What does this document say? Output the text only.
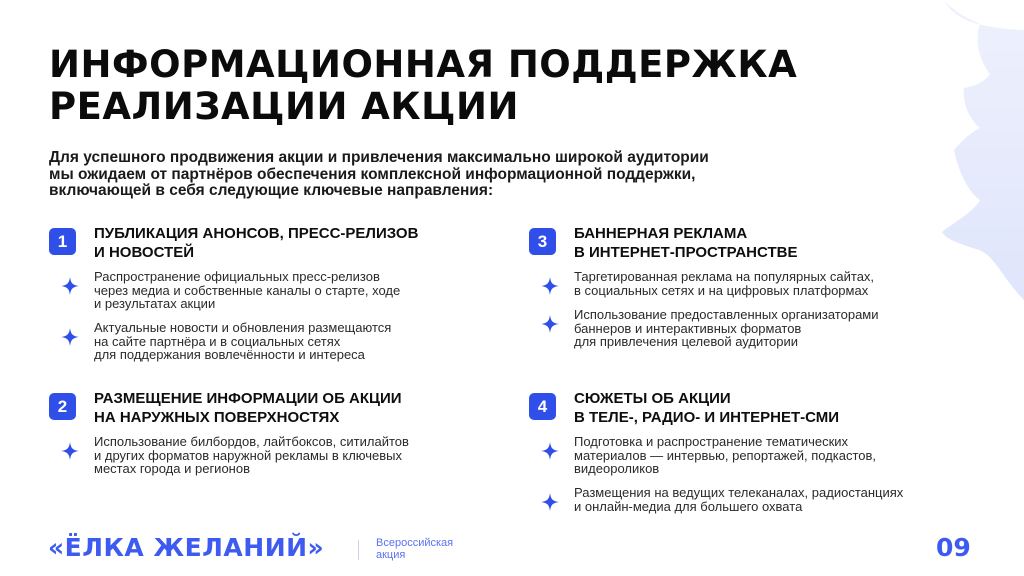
ИНФОРМАЦИОННАЯ ПОДДЕРЖКА
РЕАЛИЗАЦИИ АКЦИИ
Для успешного продвижения акции и привлечения максимально широкой аудитории
мы ожидаем от партнёров обеспечения комплексной информационной поддержки,
включающей в себя следующие ключевые направления:
1	ПУБЛИКАЦИЯ АНОНСОВ, ПРЕСС-РЕЛИЗОВ
И НОВОСТЕЙ
Распространение официальных пресс-релизов
через медиа и собственные каналы о старте, ходе
и результатах акции
Актуальные новости и обновления размещаются
на сайте партнёра и в социальных сетях
для поддержания вовлечённости и интереса
2	РАЗМЕЩЕНИЕ ИНФОРМАЦИИ ОБ АКЦИИ
НА НАРУЖНЫХ ПОВЕРХНОСТЯХ
Использование билбордов, лайтбоксов, ситилайтов
и других форматов наружной рекламы в ключевых
местах города и регионов
3	БАННЕРНАЯ РЕКЛАМА
В ИНТЕРНЕТ-ПРОСТРАНСТВЕ
Таргетированная реклама на популярных сайтах,
в социальных сетях и на цифровых платформах
Использование предоставленных организаторами
баннеров и интерактивных форматов
для привлечения целевой аудитории
4	СЮЖЕТЫ ОБ АКЦИИ
В ТЕЛЕ-, РАДИО- И ИНТЕРНЕТ-СМИ
Подготовка и распространение тематических
материалов — интервью, репортажей, подкастов,
видеороликов
Размещения на ведущих телеканалах, радиостанциях
и онлайн-медиа для большего охвата
«ЁЛКА ЖЕЛАНИЙ»	Всероссийская
акция	09
